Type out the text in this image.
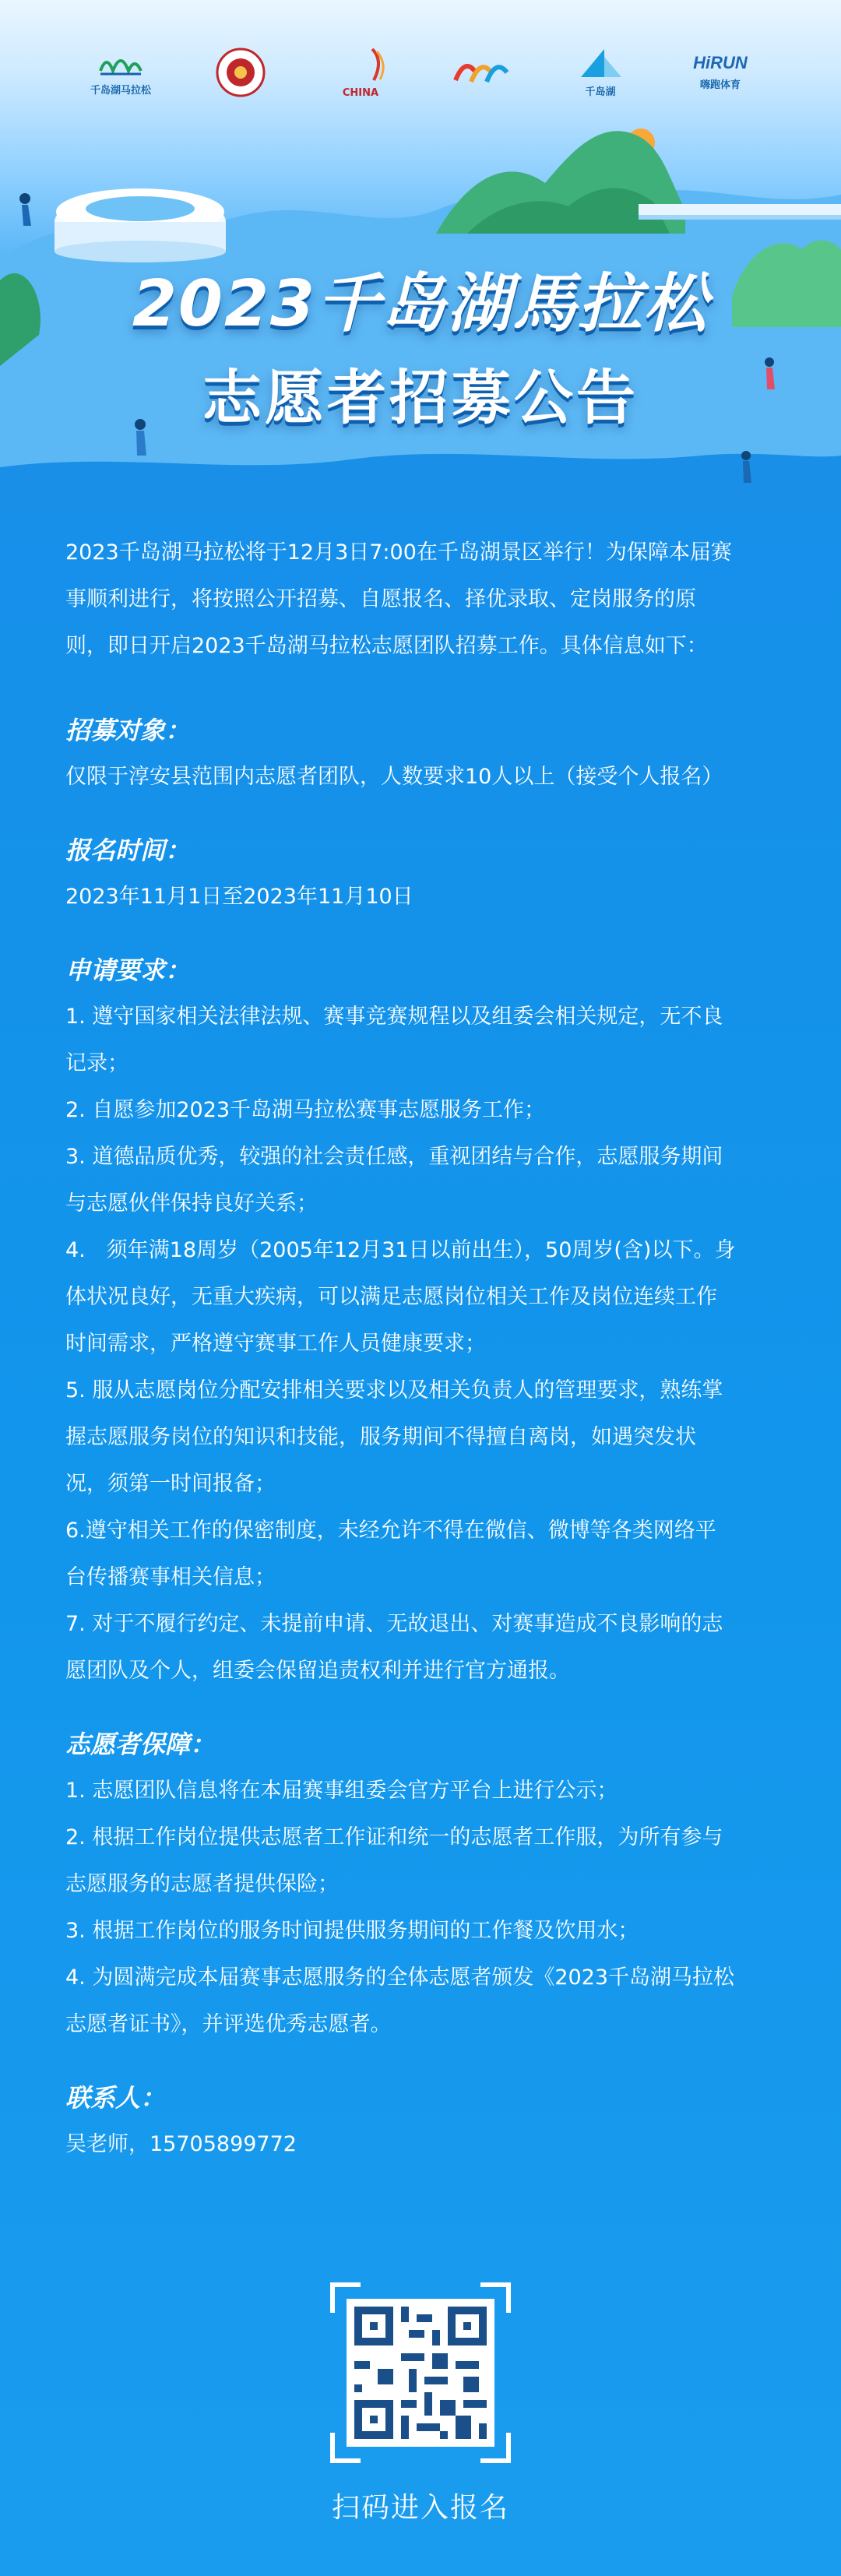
千岛湖马拉松	CHINA	千岛湖
HiRUN
嗨跑体育
2023千岛湖馬拉松
志愿者招募公告

2023千岛湖马拉松将于12月3日7:00在千岛湖景区举行！为保障本届赛

事顺利进行，将按照公开招募、自愿报名、择优录取、定岗服务的原

则，即日开启2023千岛湖马拉松志愿团队招募工作。具体信息如下：

招募对象：

仅限于淳安县范围内志愿者团队，人数要求10人以上（接受个人报名）

报名时间：

2023年11月1日至2023年11月10日

申请要求：

1. 遵守国家相关法律法规、赛事竞赛规程以及组委会相关规定，无不良

记录；

2. 自愿参加2023千岛湖马拉松赛事志愿服务工作；

3. 道德品质优秀，较强的社会责任感，重视团结与合作，志愿服务期间

与志愿伙伴保持良好关系；

4.　须年满18周岁（2005年12月31日以前出生），50周岁(含)以下。身

体状况良好，无重大疾病，可以满足志愿岗位相关工作及岗位连续工作

时间需求，严格遵守赛事工作人员健康要求；

5. 服从志愿岗位分配安排相关要求以及相关负责人的管理要求，熟练掌

握志愿服务岗位的知识和技能，服务期间不得擅自离岗，如遇突发状

况，须第一时间报备；

6.遵守相关工作的保密制度，未经允许不得在微信、微博等各类网络平

台传播赛事相关信息；

7. 对于不履行约定、未提前申请、无故退出、对赛事造成不良影响的志

愿团队及个人，组委会保留追责权利并进行官方通报。

志愿者保障：

1. 志愿团队信息将在本届赛事组委会官方平台上进行公示；

2. 根据工作岗位提供志愿者工作证和统一的志愿者工作服，为所有参与

志愿服务的志愿者提供保险；

3. 根据工作岗位的服务时间提供服务期间的工作餐及饮用水；

4. 为圆满完成本届赛事志愿服务的全体志愿者颁发《2023千岛湖马拉松

志愿者证书》，并评选优秀志愿者。

联系人：

吴老师，15705899772

扫码进入报名
